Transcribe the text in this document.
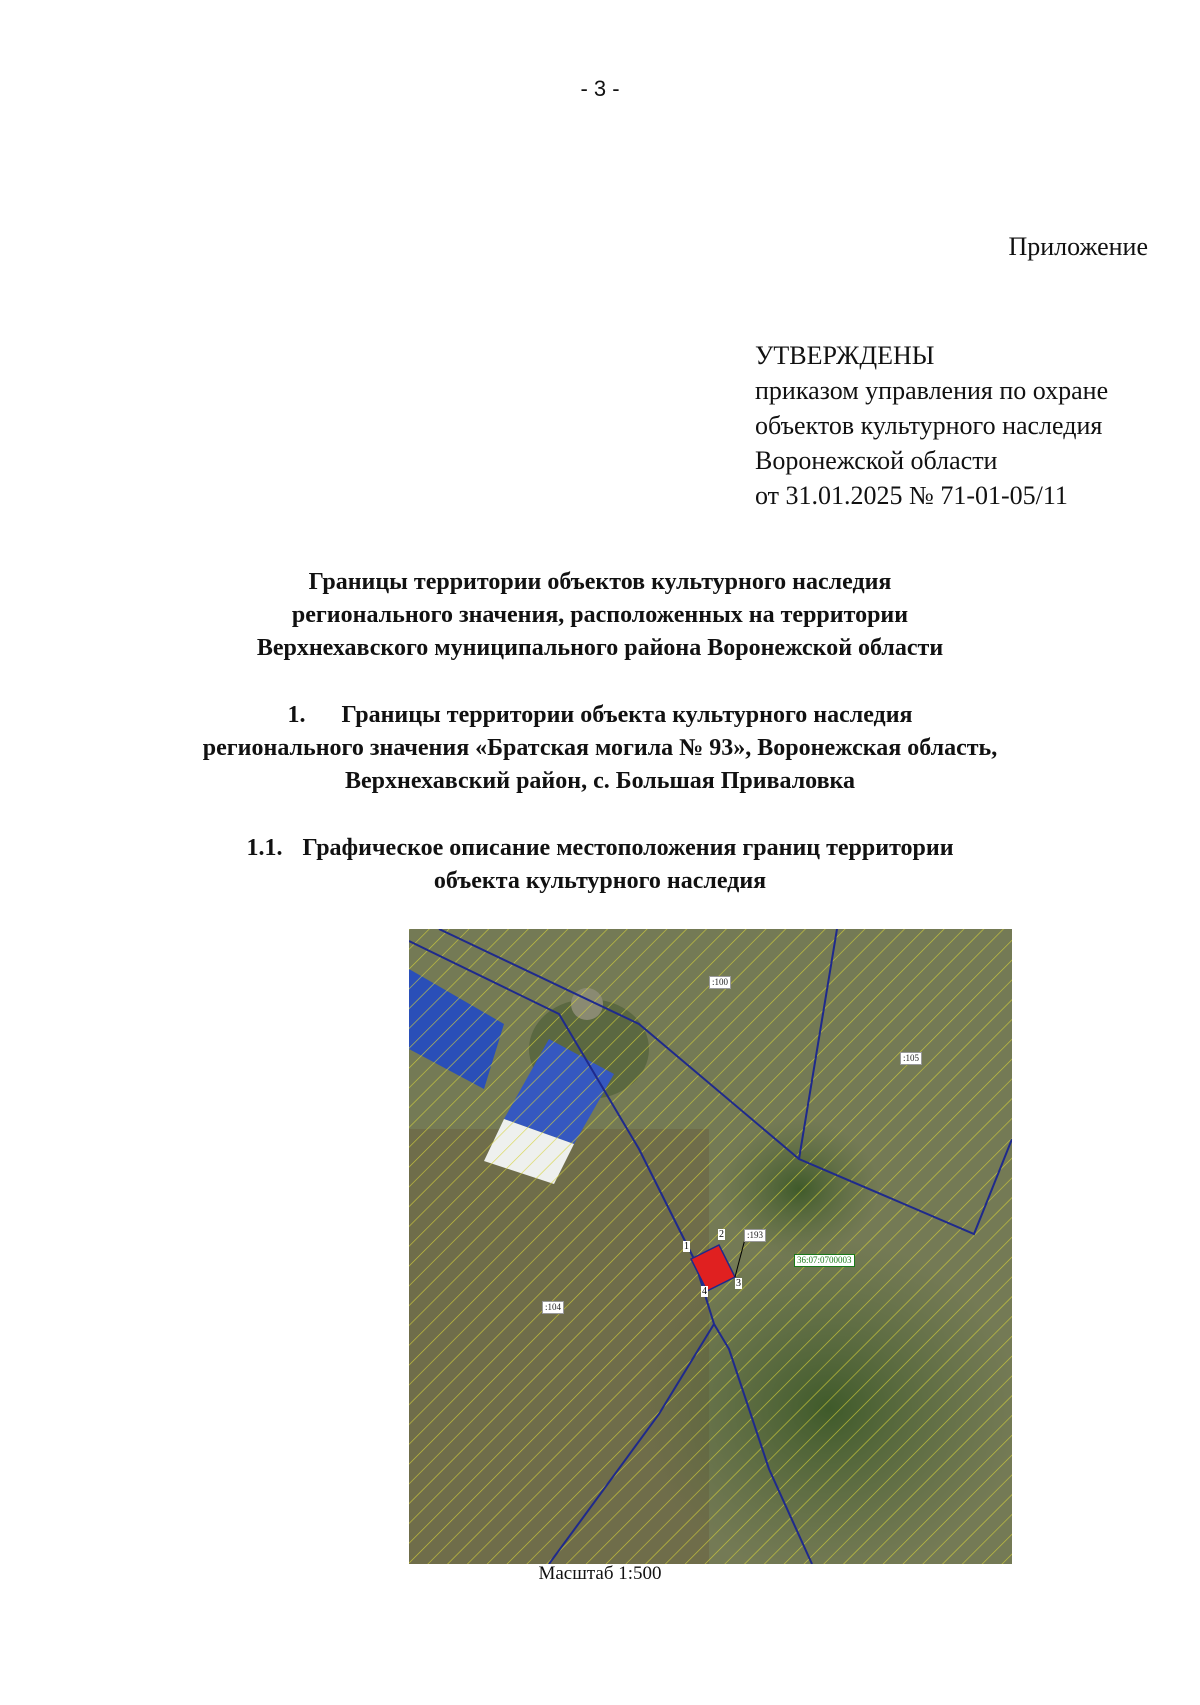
- 3 -
Приложение
УТВЕРЖДЕНЫ
приказом управления по охране
объектов культурного наследия
Воронежской области
от 31.01.2025 № 71-01-05/11
Границы территории объектов культурного наследия
регионального значения, расположенных на территории
Верхнехавского муниципального района Воронежской области
1. Границы территории объекта культурного наследия
регионального значения «Братская могила № 93», Воронежская область,
Верхнехавский район, с. Большая Приваловка
1.1. Графическое описание местоположения границ территории
объекта культурного наследия
:100
:105
:104
:193
36:07:0700003
1
2
3
4
Масштаб 1:500
